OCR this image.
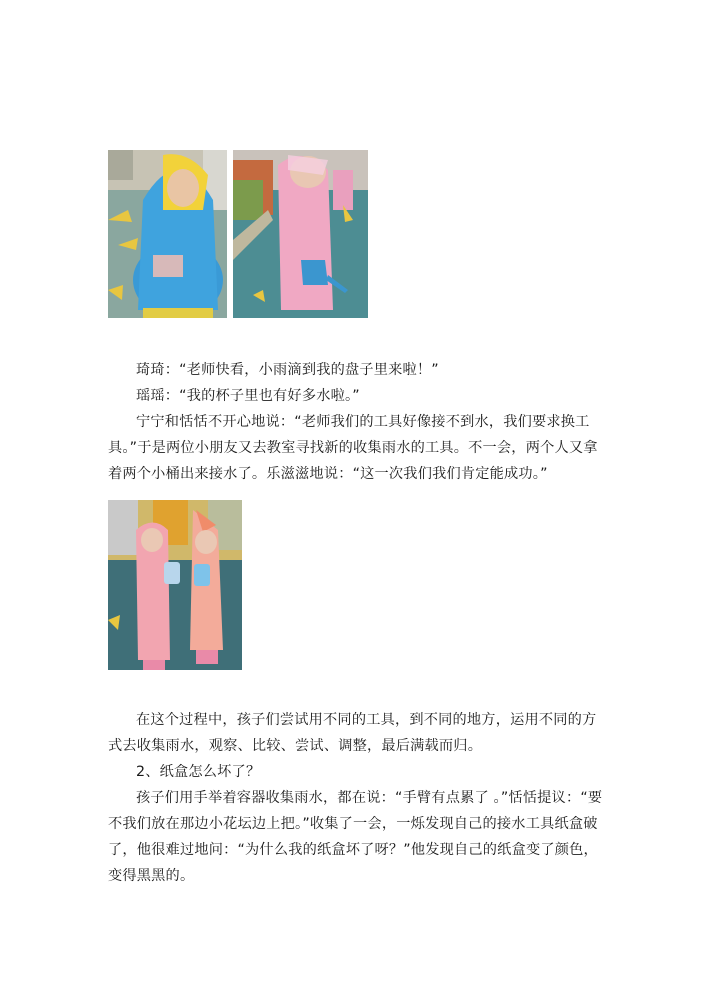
琦琦：“老师快看，小雨滴到我的盘子里来啦！”

瑶瑶：“我的杯子里也有好多水啦。”

宁宁和恬恬不开心地说：“老师我们的工具好像接不到水，我们要求换工具。”于是两位小朋友又去教室寻找新的收集雨水的工具。不一会，两个人又拿着两个小桶出来接水了。乐滋滋地说：“这一次我们我们肯定能成功。”

在这个过程中，孩子们尝试用不同的工具，到不同的地方，运用不同的方式去收集雨水，观察、比较、尝试、调整，最后满载而归。

2、纸盒怎么坏了？

孩子们用手举着容器收集雨水，都在说：“手臂有点累了 。”恬恬提议：“要不我们放在那边小花坛边上把。”收集了一会，一烁发现自己的接水工具纸盒破了，他很难过地问：“为什么我的纸盒坏了呀？”他发现自己的纸盒变了颜色，变得黑黑的。
